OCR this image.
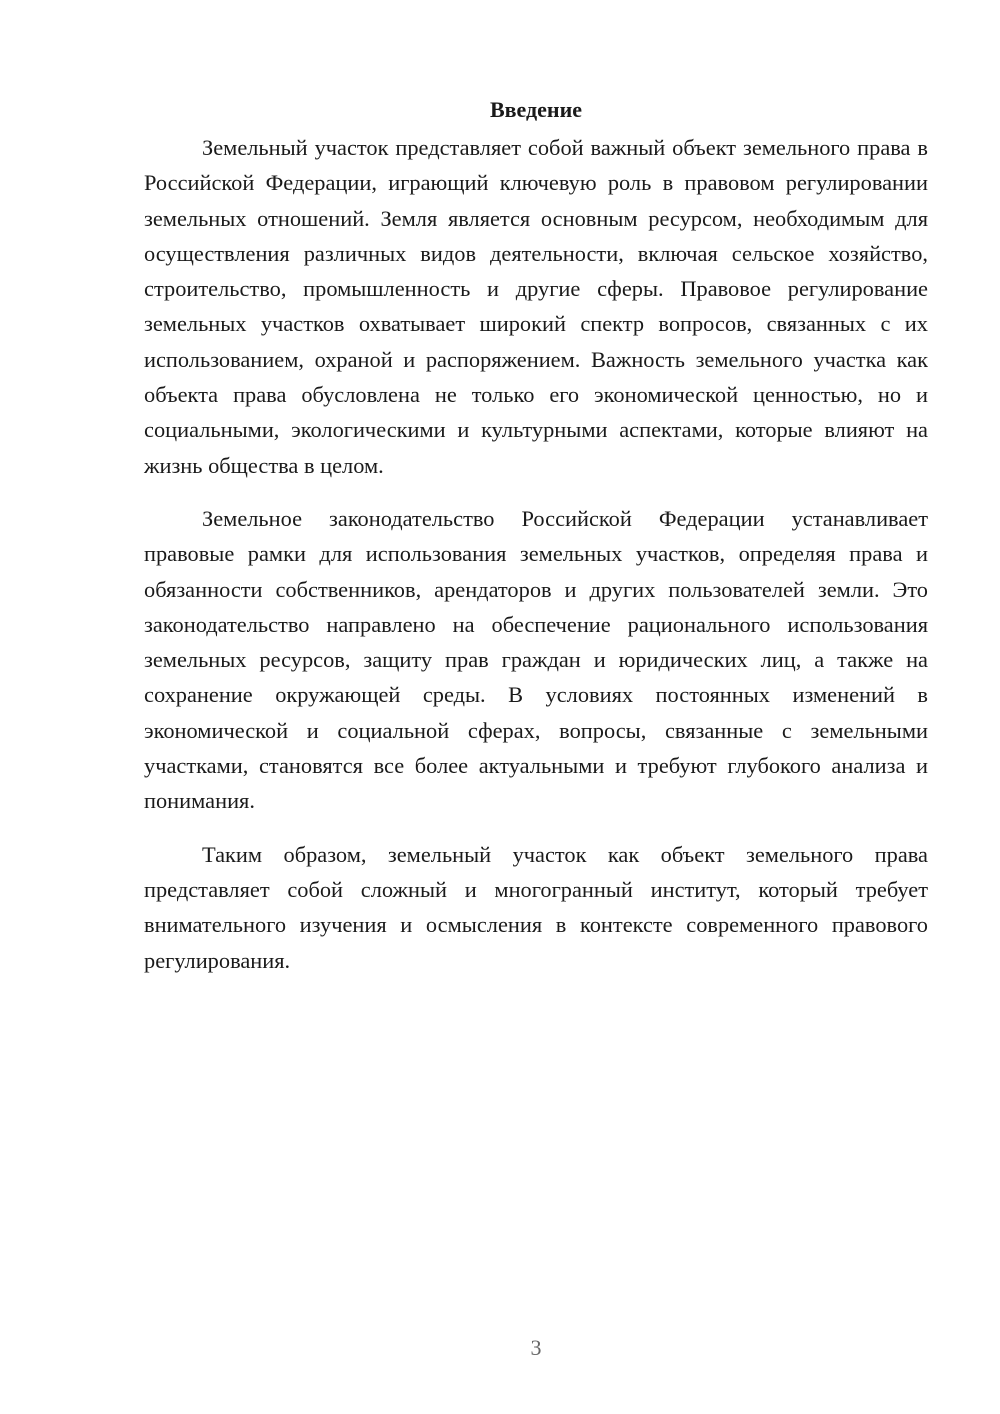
Введение

Земельный участок представляет собой важный объект земельного права в Российской Федерации, играющий ключевую роль в правовом регулировании земельных отношений. Земля является основным ресурсом, необходимым для осуществления различных видов деятельности, включая сельское хозяйство, строительство, промышленность и другие сферы. Правовое регулирование земельных участков охватывает широкий спектр вопросов, связанных с их использованием, охраной и распоряжением. Важность земельного участка как объекта права обусловлена не только его экономической ценностью, но и социальными, экологическими и культурными аспектами, которые влияют на жизнь общества в целом.

Земельное законодательство Российской Федерации устанавливает правовые рамки для использования земельных участков, определяя права и обязанности собственников, арендаторов и других пользователей земли. Это законодательство направлено на обеспечение рационального использования земельных ресурсов, защиту прав граждан и юридических лиц, а также на сохранение окружающей среды. В условиях постоянных изменений в экономической и социальной сферах, вопросы, связанные с земельными участками, становятся все более актуальными и требуют глубокого анализа и понимания.

Таким образом, земельный участок как объект земельного права представляет собой сложный и многогранный институт, который требует внимательного изучения и осмысления в контексте современного правового регулирования.

3
